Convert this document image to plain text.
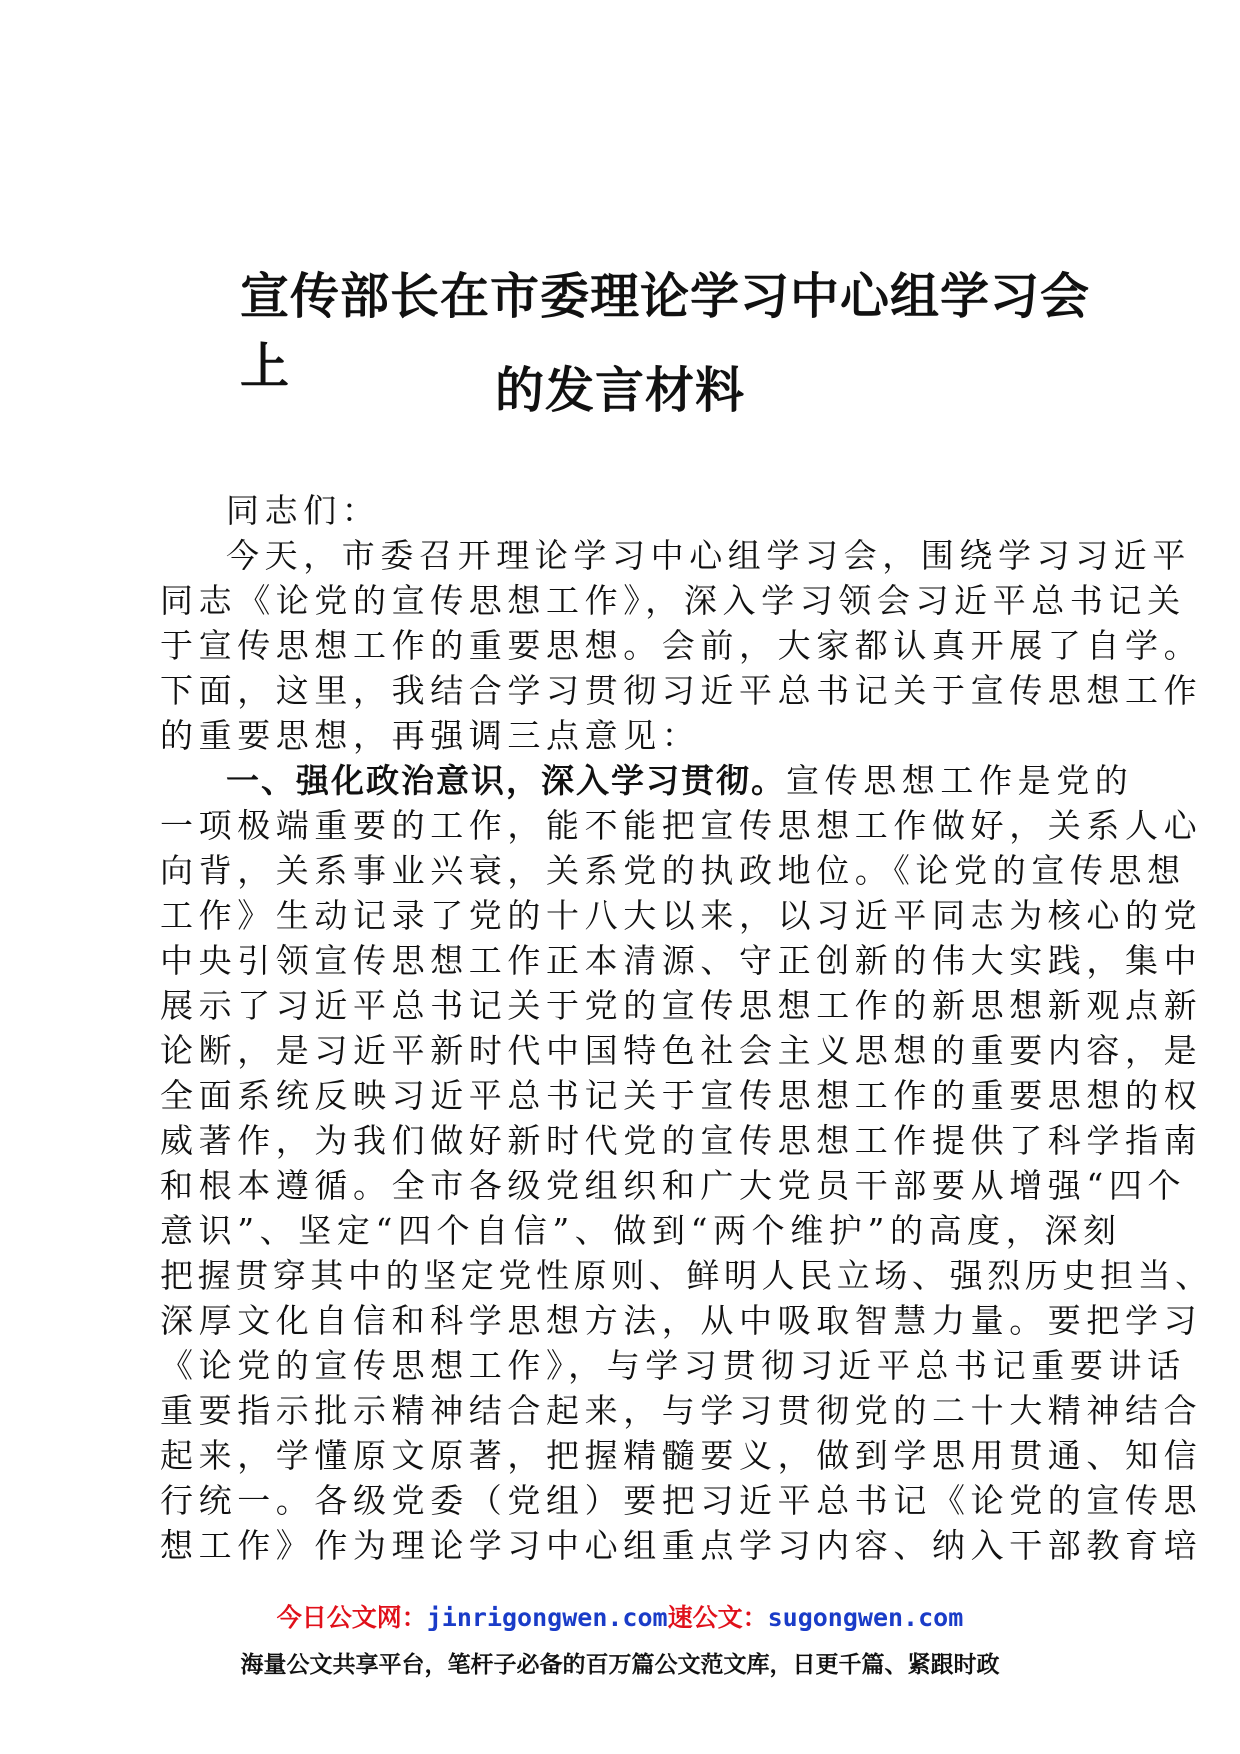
宣传部长在市委理论学习中心组学习会上	的发言材料
同志们：
今天，市委召开理论学习中心组学习会，围绕学习习近平
同志《论党的宣传思想工作》，深入学习领会习近平总书记关
于宣传思想工作的重要思想。会前，大家都认真开展了自学。
下面，这里，我结合学习贯彻习近平总书记关于宣传思想工作
的重要思想，再强调三点意见：
一、强化政治意识，深入学习贯彻。宣传思想工作是党的
一项极端重要的工作，能不能把宣传思想工作做好，关系人心
向背，关系事业兴衰，关系党的执政地位。《论党的宣传思想
工作》生动记录了党的十八大以来，以习近平同志为核心的党
中央引领宣传思想工作正本清源、守正创新的伟大实践，集中
展示了习近平总书记关于党的宣传思想工作的新思想新观点新
论断，是习近平新时代中国特色社会主义思想的重要内容，是
全面系统反映习近平总书记关于宣传思想工作的重要思想的权
威著作，为我们做好新时代党的宣传思想工作提供了科学指南
和根本遵循。全市各级党组织和广大党员干部要从增强“四个
意识”、坚定“四个自信”、做到“两个维护”的高度，深刻
把握贯穿其中的坚定党性原则、鲜明人民立场、强烈历史担当、
深厚文化自信和科学思想方法，从中吸取智慧力量。要把学习
《论党的宣传思想工作》，与学习贯彻习近平总书记重要讲话
重要指示批示精神结合起来，与学习贯彻党的二十大精神结合
起来，学懂原文原著，把握精髓要义，做到学思用贯通、知信
行统一。各级党委（党组）要把习近平总书记《论党的宣传思
想工作》作为理论学习中心组重点学习内容、纳入干部教育培
今日公文网：jinrigongwen.com速公文：sugongwen.com
海量公文共享平台，笔杆子必备的百万篇公文范文库，日更千篇、紧跟时政
